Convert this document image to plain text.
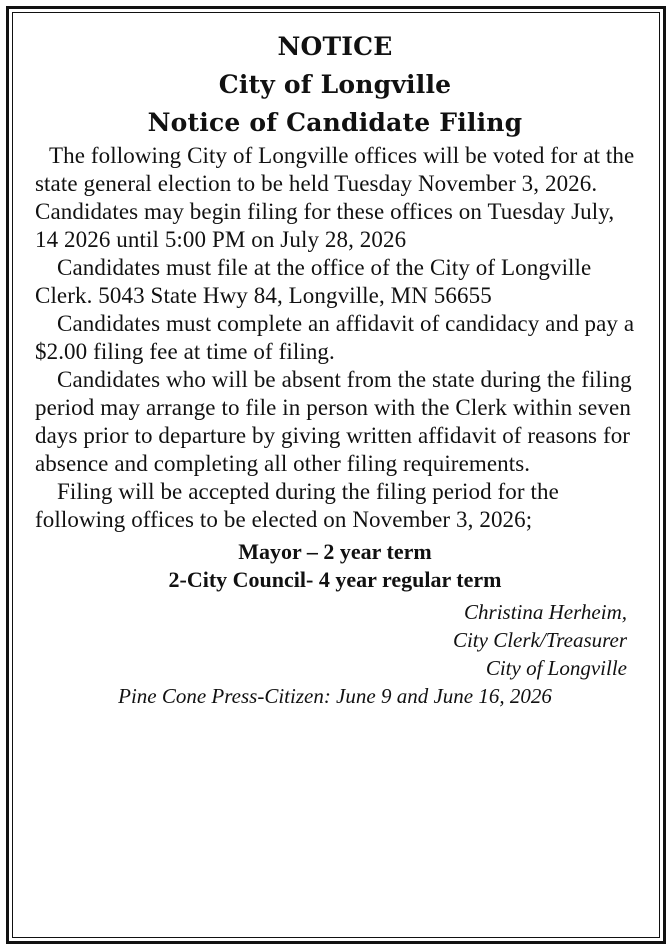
NOTICE
City of Longville
Notice of Candidate Filing

The following City of Longville offices will be voted for at the state general election to be held Tuesday November 3, 2026. Candidates may begin filing for these offices on Tuesday July, 14 2026 until 5:00 PM on July 28, 2026

Candidates must file at the office of the City of Longville Clerk. 5043 State Hwy 84, Longville, MN 56655

Candidates must complete an affidavit of candidacy and pay a $2.00 filing fee at time of filing.

Candidates who will be absent from the state during the filing period may arrange to file in person with the Clerk within seven days prior to departure by giving written affidavit of reasons for absence and completing all other filing requirements.

Filing will be accepted during the filing period for the following offices to be elected on November 3, 2026;

Mayor – 2 year term

2-City Council- 4 year regular term

Christina Herheim,

City Clerk/Treasurer

City of Longville

Pine Cone Press-Citizen: June 9 and June 16, 2026
